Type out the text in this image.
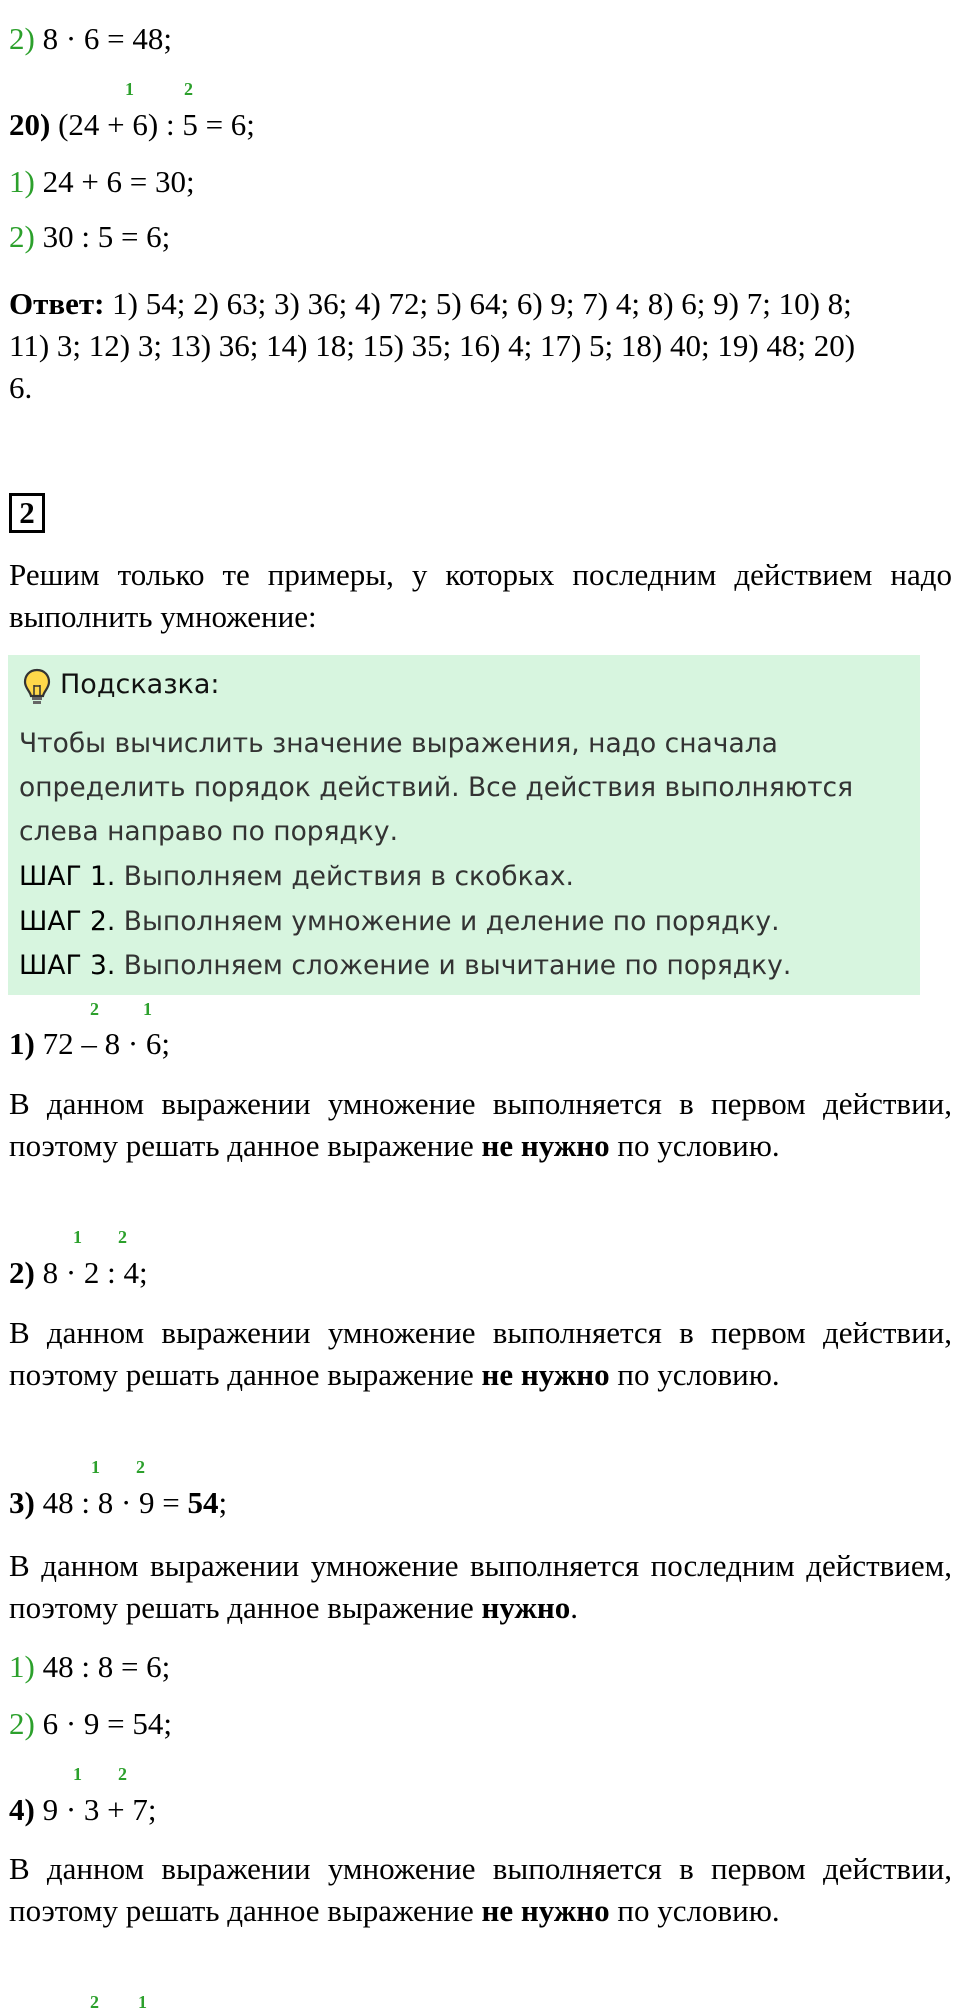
2) 8 · 6 = 48;
1	2
20) (24 + 6) : 5 = 6;
1) 24 + 6 = 30;
2) 30 : 5 = 6;
Ответ: 1) 54; 2) 63; 3) 36; 4) 72; 5) 64; 6) 9; 7) 4; 8) 6; 9) 7; 10) 8;
11) 3; 12) 3; 13) 36; 14) 18; 15) 35; 16) 4; 17) 5; 18) 40; 19) 48; 20)
6.
2
Решим только те примеры, у которых последним действием надо выполнить умножение:
Подсказка:
Чтобы вычислить значение выражения, надо сначала
определить порядок действий. Все действия выполняются
слева направо по порядку.
ШАГ 1. Выполняем действия в скобках.
ШАГ 2. Выполняем умножение и деление по порядку.
ШАГ 3. Выполняем сложение и вычитание по порядку.
2 1
1) 72 – 8 · 6;
В данном выражении умножение выполняется в первом действии, поэтому решать данное выражение не нужно по условию.
1 2
2) 8 · 2 : 4;
В данном выражении умножение выполняется в первом действии, поэтому решать данное выражение не нужно по условию.
1 2
3) 48 : 8 · 9 = 54;
В данном выражении умножение выполняется последним действием, поэтому решать данное выражение нужно.
1) 48 : 8 = 6;
2) 6 · 9 = 54;
1 2
4) 9 · 3 + 7;
В данном выражении умножение выполняется в первом действии, поэтому решать данное выражение не нужно по условию.
2 1
